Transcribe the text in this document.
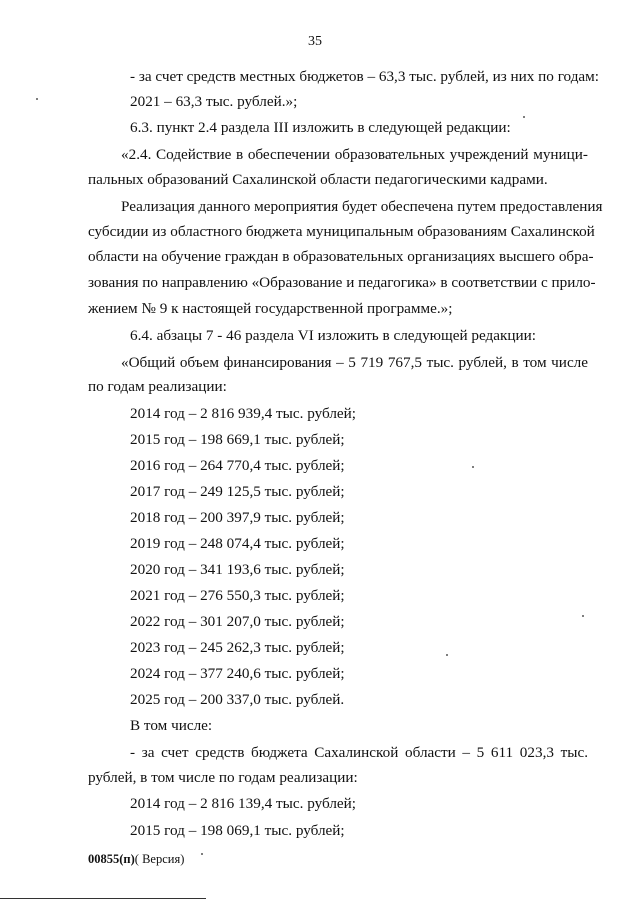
35
- за счет средств местных бюджетов – 63,3 тыс. рублей, из них по годам:
2021 – 63,3 тыс. рублей.»;
6.3. пункт 2.4 раздела III изложить в следующей редакции:
«2.4. Содействие в обеспечении образовательных учреждений муници-
пальных образований Сахалинской области педагогическими кадрами.
Реализация данного мероприятия будет обеспечена путем предоставления
субсидии из областного бюджета муниципальным образованиям Сахалинской
области на обучение граждан в образовательных организациях высшего обра-
зования по направлению «Образование и педагогика» в соответствии с прило-
жением № 9 к настоящей государственной программе.»;
6.4. абзацы 7 - 46 раздела VI изложить в следующей редакции:
«Общий объем финансирования – 5 719 767,5 тыс. рублей, в том числе
по годам реализации:
2014 год – 2 816 939,4 тыс. рублей;
2015 год – 198 669,1 тыс. рублей;
2016 год – 264 770,4 тыс. рублей;
2017 год – 249 125,5 тыс. рублей;
2018 год – 200 397,9 тыс. рублей;
2019 год – 248 074,4 тыс. рублей;
2020 год – 341 193,6 тыс. рублей;
2021 год – 276 550,3 тыс. рублей;
2022 год – 301 207,0 тыс. рублей;
2023 год – 245 262,3 тыс. рублей;
2024 год – 377 240,6 тыс. рублей;
2025 год – 200 337,0 тыс. рублей.
В том числе:
- за счет средств бюджета Сахалинской области – 5 611 023,3 тыс.
рублей, в том числе по годам реализации:
2014 год – 2 816 139,4 тыс. рублей;
2015 год – 198 069,1 тыс. рублей;
00855(п)( Версия)
